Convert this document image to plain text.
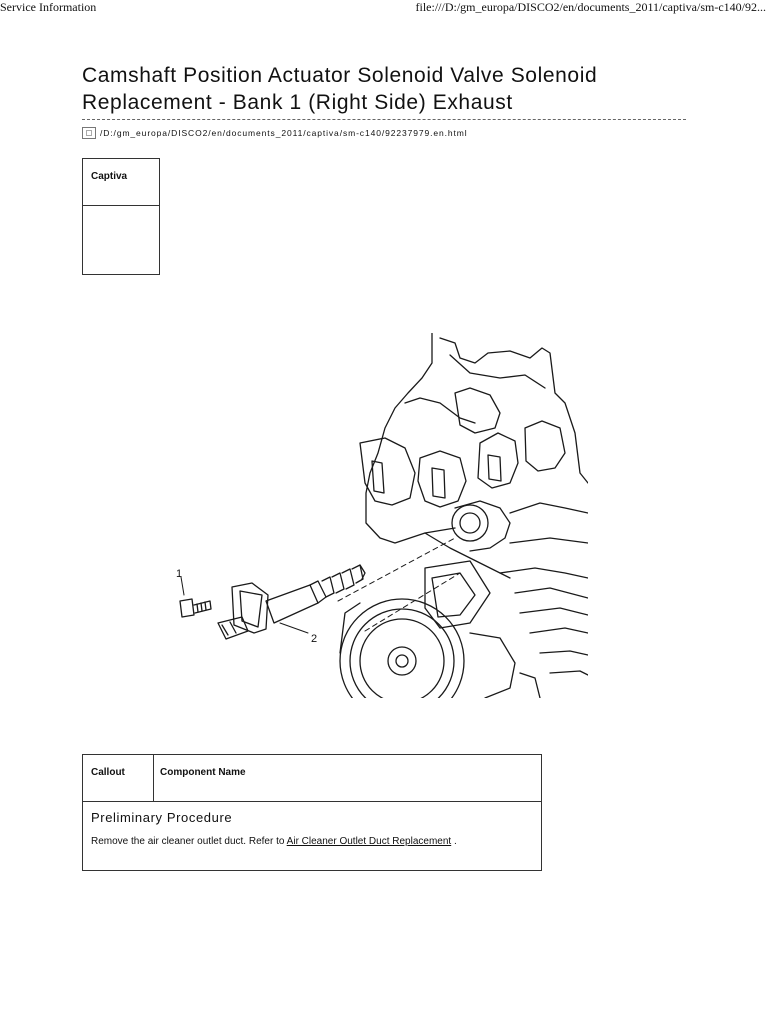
Service Information	file:///D:/gm_europa/DISCO2/en/documents_2011/captiva/sm-c140/92...
Camshaft Position Actuator Solenoid Valve Solenoid Replacement - Bank 1 (Right Side) Exhaust
/D:/gm_europa/DISCO2/en/documents_2011/captiva/sm-c140/92237979.en.html
Captiva
1
2
Callout	Component Name
Preliminary Procedure
Remove the air cleaner outlet duct. Refer to Air Cleaner Outlet Duct Replacement .
